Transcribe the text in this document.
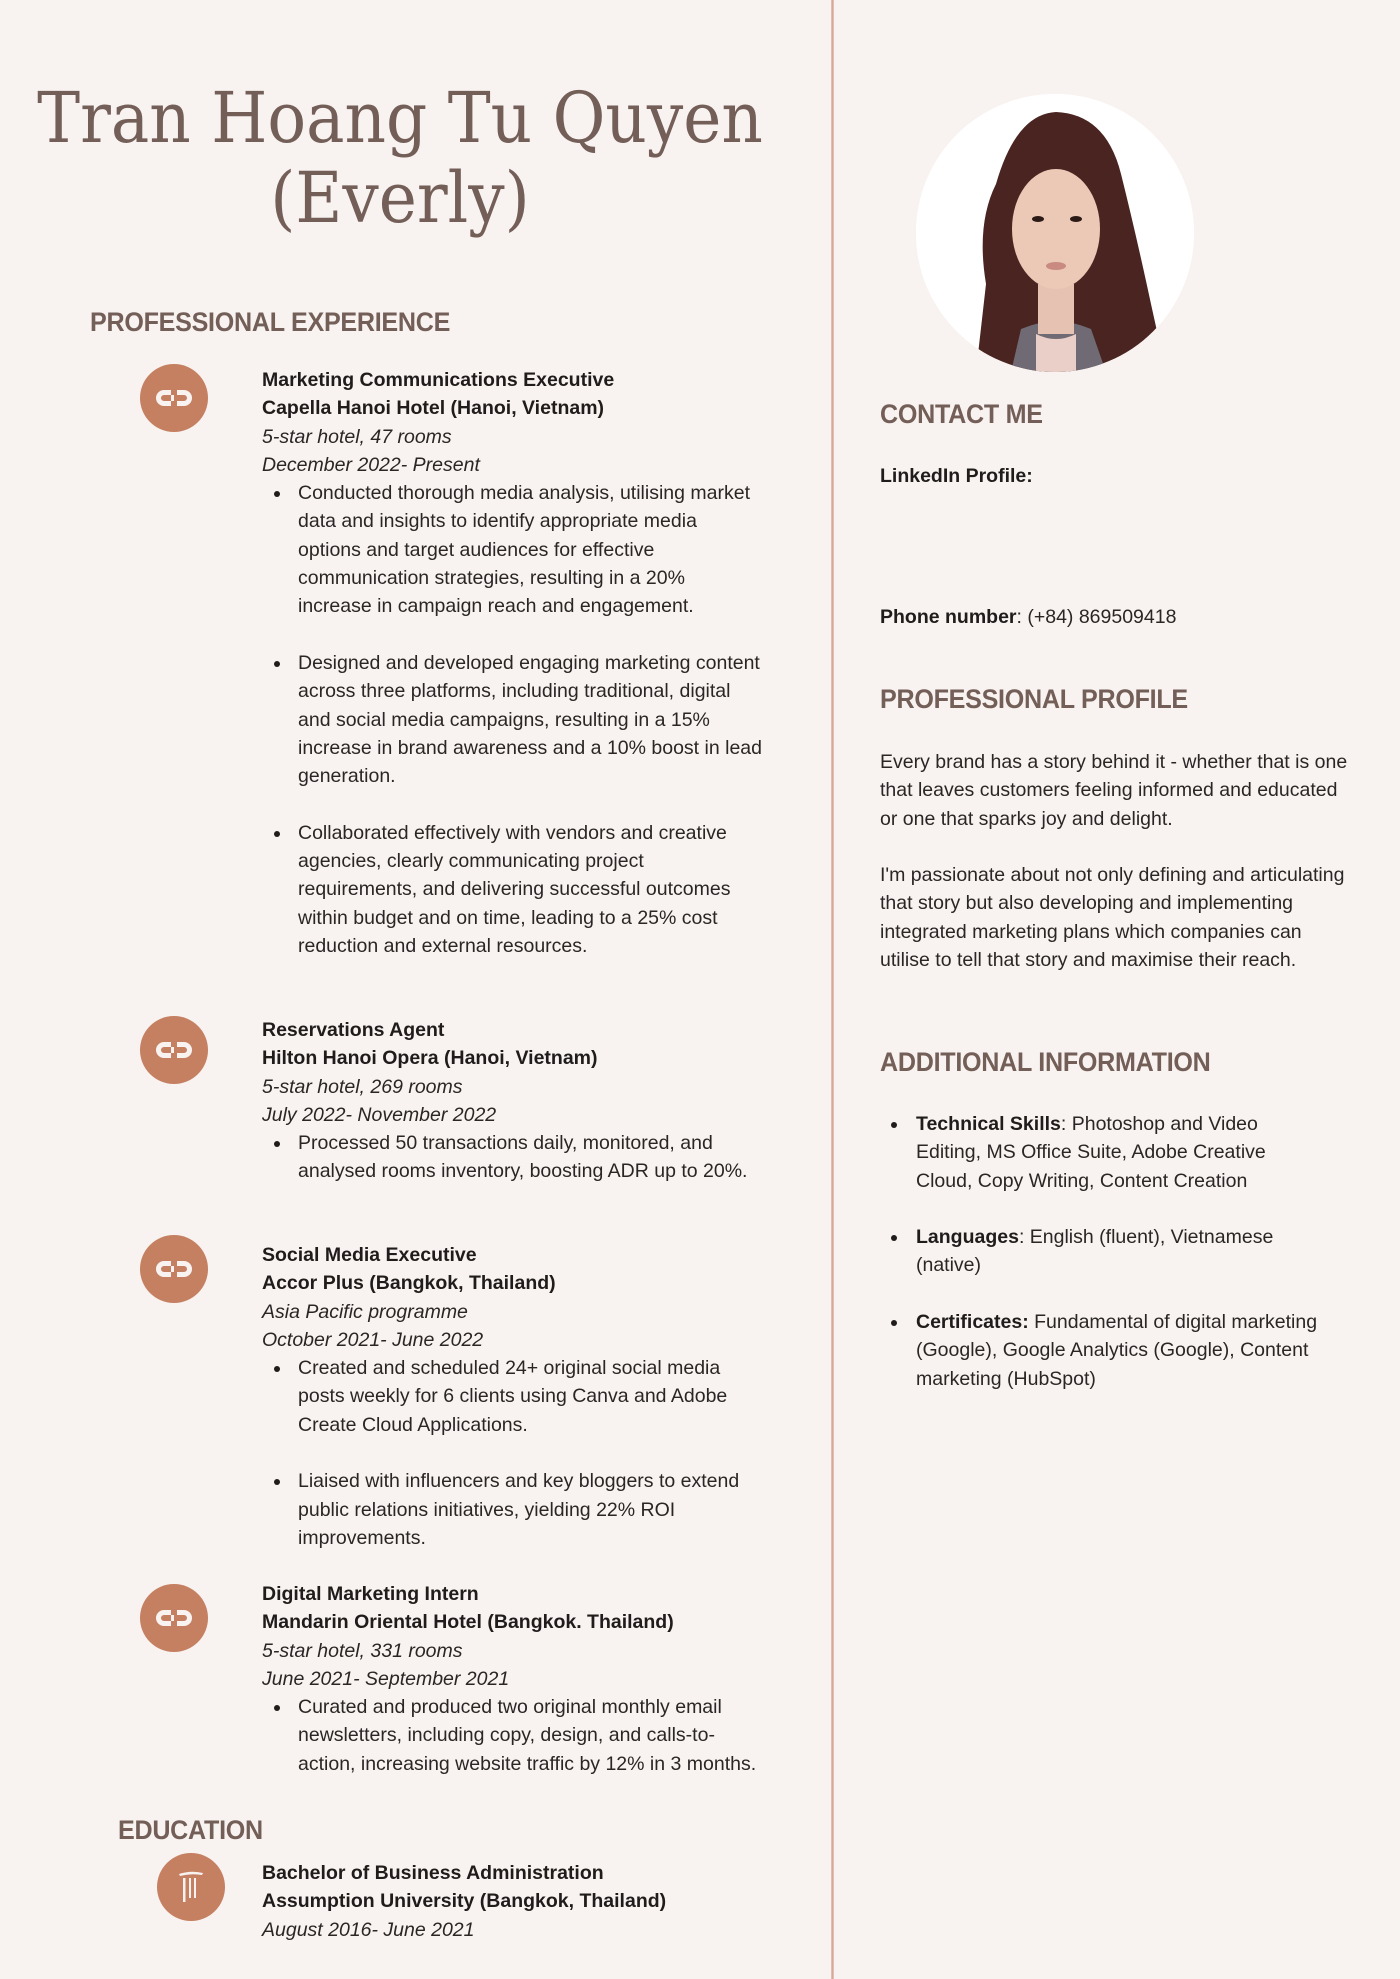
Tran Hoang Tu Quyen
(Everly)
PROFESSIONAL EXPERIENCE
Marketing Communications Executive
Capella Hanoi Hotel (Hanoi, Vietnam)
5-star hotel, 47 rooms
December 2022- Present
Conducted thorough media analysis, utilising market data and insights to identify appropriate media options and target audiences for effective communication strategies, resulting in a 20% increase in campaign reach and engagement.
Designed and developed engaging marketing content across three platforms, including traditional, digital and social media campaigns, resulting in a 15% increase in brand awareness and a 10% boost in lead generation.
Collaborated effectively with vendors and creative agencies, clearly communicating project requirements, and delivering successful outcomes within budget and on time, leading to a 25% cost reduction and external resources.
Reservations Agent
Hilton Hanoi Opera (Hanoi, Vietnam)
5-star hotel, 269 rooms
July 2022- November 2022
Processed 50 transactions daily, monitored, and analysed rooms inventory, boosting ADR up to 20%.
Social Media Executive
Accor Plus (Bangkok, Thailand)
Asia Pacific programme
October 2021- June 2022
Created and scheduled 24+ original social media posts weekly for 6 clients using Canva and Adobe Create Cloud Applications.
Liaised with influencers and key bloggers to extend public relations initiatives, yielding 22% ROI improvements.
Digital Marketing Intern
Mandarin Oriental Hotel (Bangkok. Thailand)
5-star hotel, 331 rooms
June 2021- September 2021
Curated and produced two original monthly email newsletters, including copy, design, and calls-to-action, increasing website traffic by 12% in 3 months.
EDUCATION
Bachelor of Business Administration
Assumption University (Bangkok, Thailand)
August 2016- June 2021
CONTACT ME
LinkedIn Profile:
Phone number: (+84) 869509418
PROFESSIONAL PROFILE

Every brand has a story behind it - whether that is one that leaves customers feeling informed and educated or one that sparks joy and delight.

I'm passionate about not only defining and articulating that story but also developing and implementing integrated marketing plans which companies can utilise to tell that story and maximise their reach.

ADDITIONAL INFORMATION
Technical Skills: Photoshop and Video Editing, MS Office Suite, Adobe Creative Cloud, Copy Writing, Content Creation
Languages: English (fluent), Vietnamese (native)
Certificates: Fundamental of digital marketing (Google), Google Analytics (Google), Content marketing (HubSpot)
